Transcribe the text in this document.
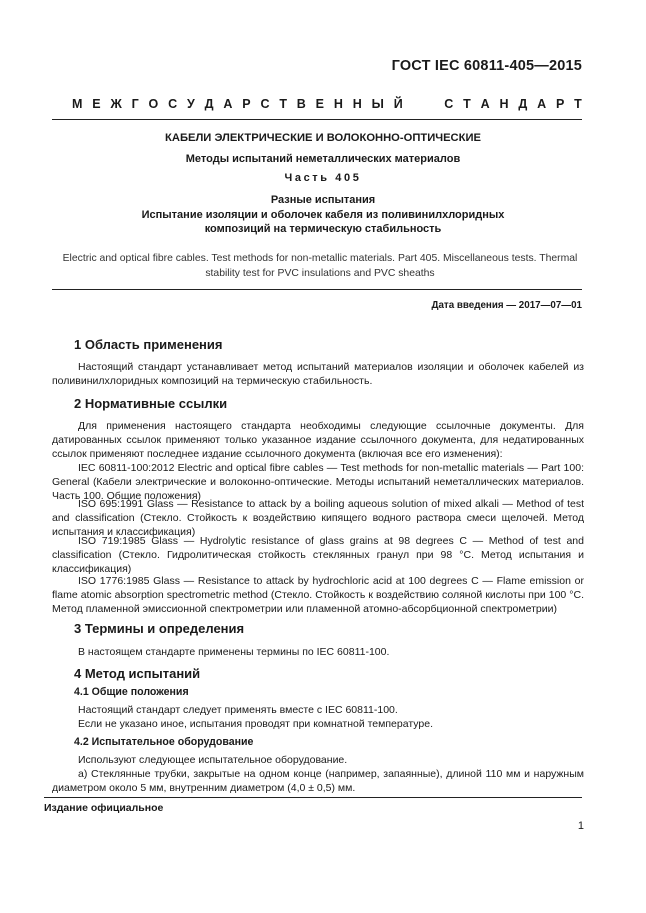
ГОСТ IEC 60811-405—2015
М Е Ж Г О С У Д А Р С Т В Е Н Н Ы Й	С Т А Н Д А Р Т
КАБЕЛИ ЭЛЕКТРИЧЕСКИЕ И ВОЛОКОННО-ОПТИЧЕСКИЕ
Методы испытаний неметаллических материалов
Часть 405
Разные испытания
Испытание изоляции и оболочек кабеля из поливинилхлоридных
композиций на термическую стабильность
Electric and optical fibre cables. Test methods for non-metallic materials. Part 405. Miscellaneous tests. Thermal stability test for PVC insulations and PVC sheaths
Дата введения — 2017—07—01
1 Область применения
Настоящий стандарт устанавливает метод испытаний материалов изоляции и оболочек кабелей из поливинилхлоридных композиций на термическую стабильность.
2 Нормативные ссылки
Для применения настоящего стандарта необходимы следующие ссылочные документы. Для датированных ссылок применяют только указанное издание ссылочного документа, для недатированных ссылок применяют последнее издание ссылочного документа (включая все его изменения):
IEC 60811-100:2012 Electric and optical fibre cables — Test methods for non-metallic materials — Part 100: General (Кабели электрические и волоконно-оптические. Методы испытаний неметаллических материалов. Часть 100. Общие положения)
ISO 695:1991 Glass — Resistance to attack by a boiling aqueous solution of mixed alkali — Method of test and classification (Стекло. Стойкость к воздействию кипящего водного раствора смеси щелочей. Метод испытания и классификация)
ISO 719:1985 Glass — Hydrolytic resistance of glass grains at 98 degrees C — Method of test and classification (Стекло. Гидролитическая стойкость стеклянных гранул при 98 °C. Метод испытания и классификация)
ISO 1776:1985 Glass — Resistance to attack by hydrochloric acid at 100 degrees C — Flame emission or flame atomic absorption spectrometric method (Стекло. Стойкость к воздействию соляной кислоты при 100 °C. Метод пламенной эмиссионной спектрометрии или пламенной атомно-абсорбционной спектрометрии)
3 Термины и определения
В настоящем стандарте применены термины по IEC 60811-100.
4 Метод испытаний
4.1 Общие положения
Настоящий стандарт следует применять вместе с IEC 60811-100.
Если не указано иное, испытания проводят при комнатной температуре.
4.2 Испытательное оборудование
Используют следующее испытательное оборудование.
а) Стеклянные трубки, закрытые на одном конце (например, запаянные), длиной 110 мм и наружным диаметром около 5 мм, внутренним диаметром (4,0 ± 0,5) мм.
Издание официальное
1
